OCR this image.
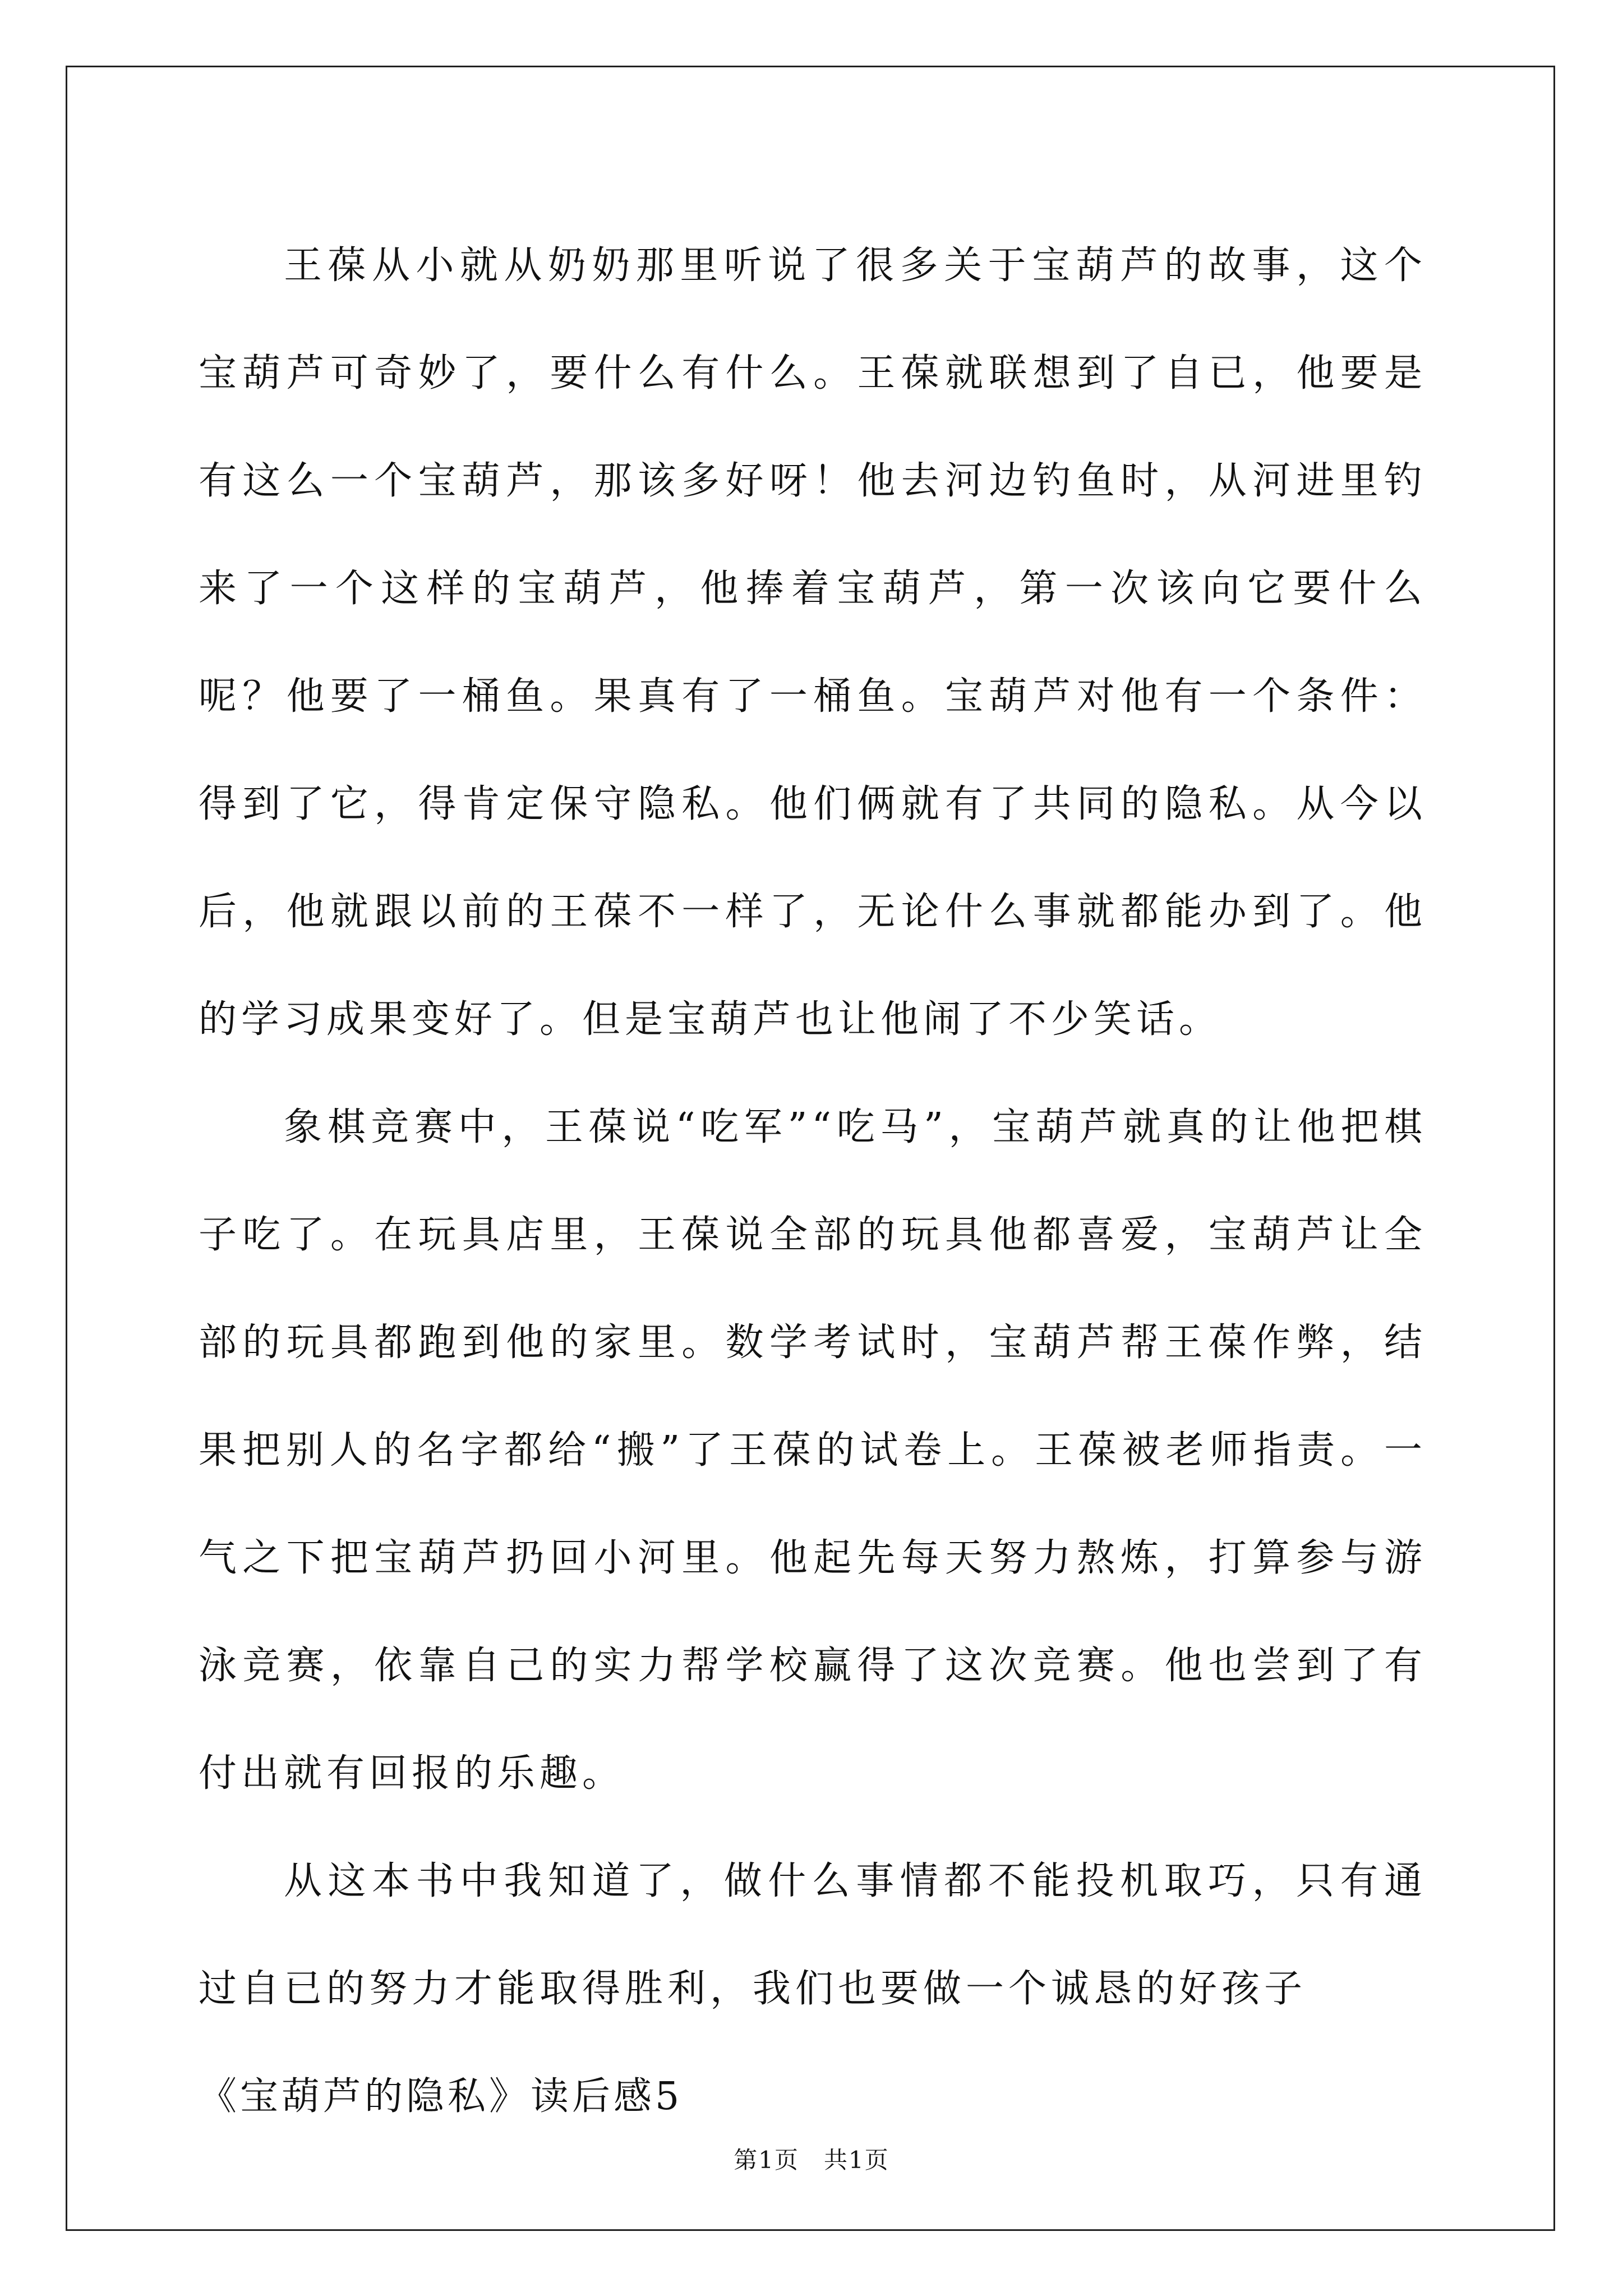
王葆从小就从奶奶那里听说了很多关于宝葫芦的故事，这个宝葫芦可奇妙了，要什么有什么。王葆就联想到了自已，他要是有这么一个宝葫芦，那该多好呀！他去河边钓鱼时，从河进里钓来了一个这样的宝葫芦，他捧着宝葫芦，第一次该向它要什么呢？他要了一桶鱼。果真有了一桶鱼。宝葫芦对他有一个条件：得到了它，得肯定保守隐私。他们俩就有了共同的隐私。从今以后，他就跟以前的王葆不一样了，无论什么事就都能办到了。他的学习成果变好了。但是宝葫芦也让他闹了不少笑话。

象棋竞赛中，王葆说“吃军”“吃马”，宝葫芦就真的让他把棋子吃了。在玩具店里，王葆说全部的玩具他都喜爱，宝葫芦让全部的玩具都跑到他的家里。数学考试时，宝葫芦帮王葆作弊，结果把别人的名字都给“搬”了王葆的试卷上。王葆被老师指责。一气之下把宝葫芦扔回小河里。他起先每天努力熬炼，打算参与游泳竞赛，依靠自己的实力帮学校赢得了这次竞赛。他也尝到了有付出就有回报的乐趣。

从这本书中我知道了，做什么事情都不能投机取巧，只有通过自已的努力才能取得胜利，我们也要做一个诚恳的好孩子

《宝葫芦的隐私》读后感5

第1页　共1页
